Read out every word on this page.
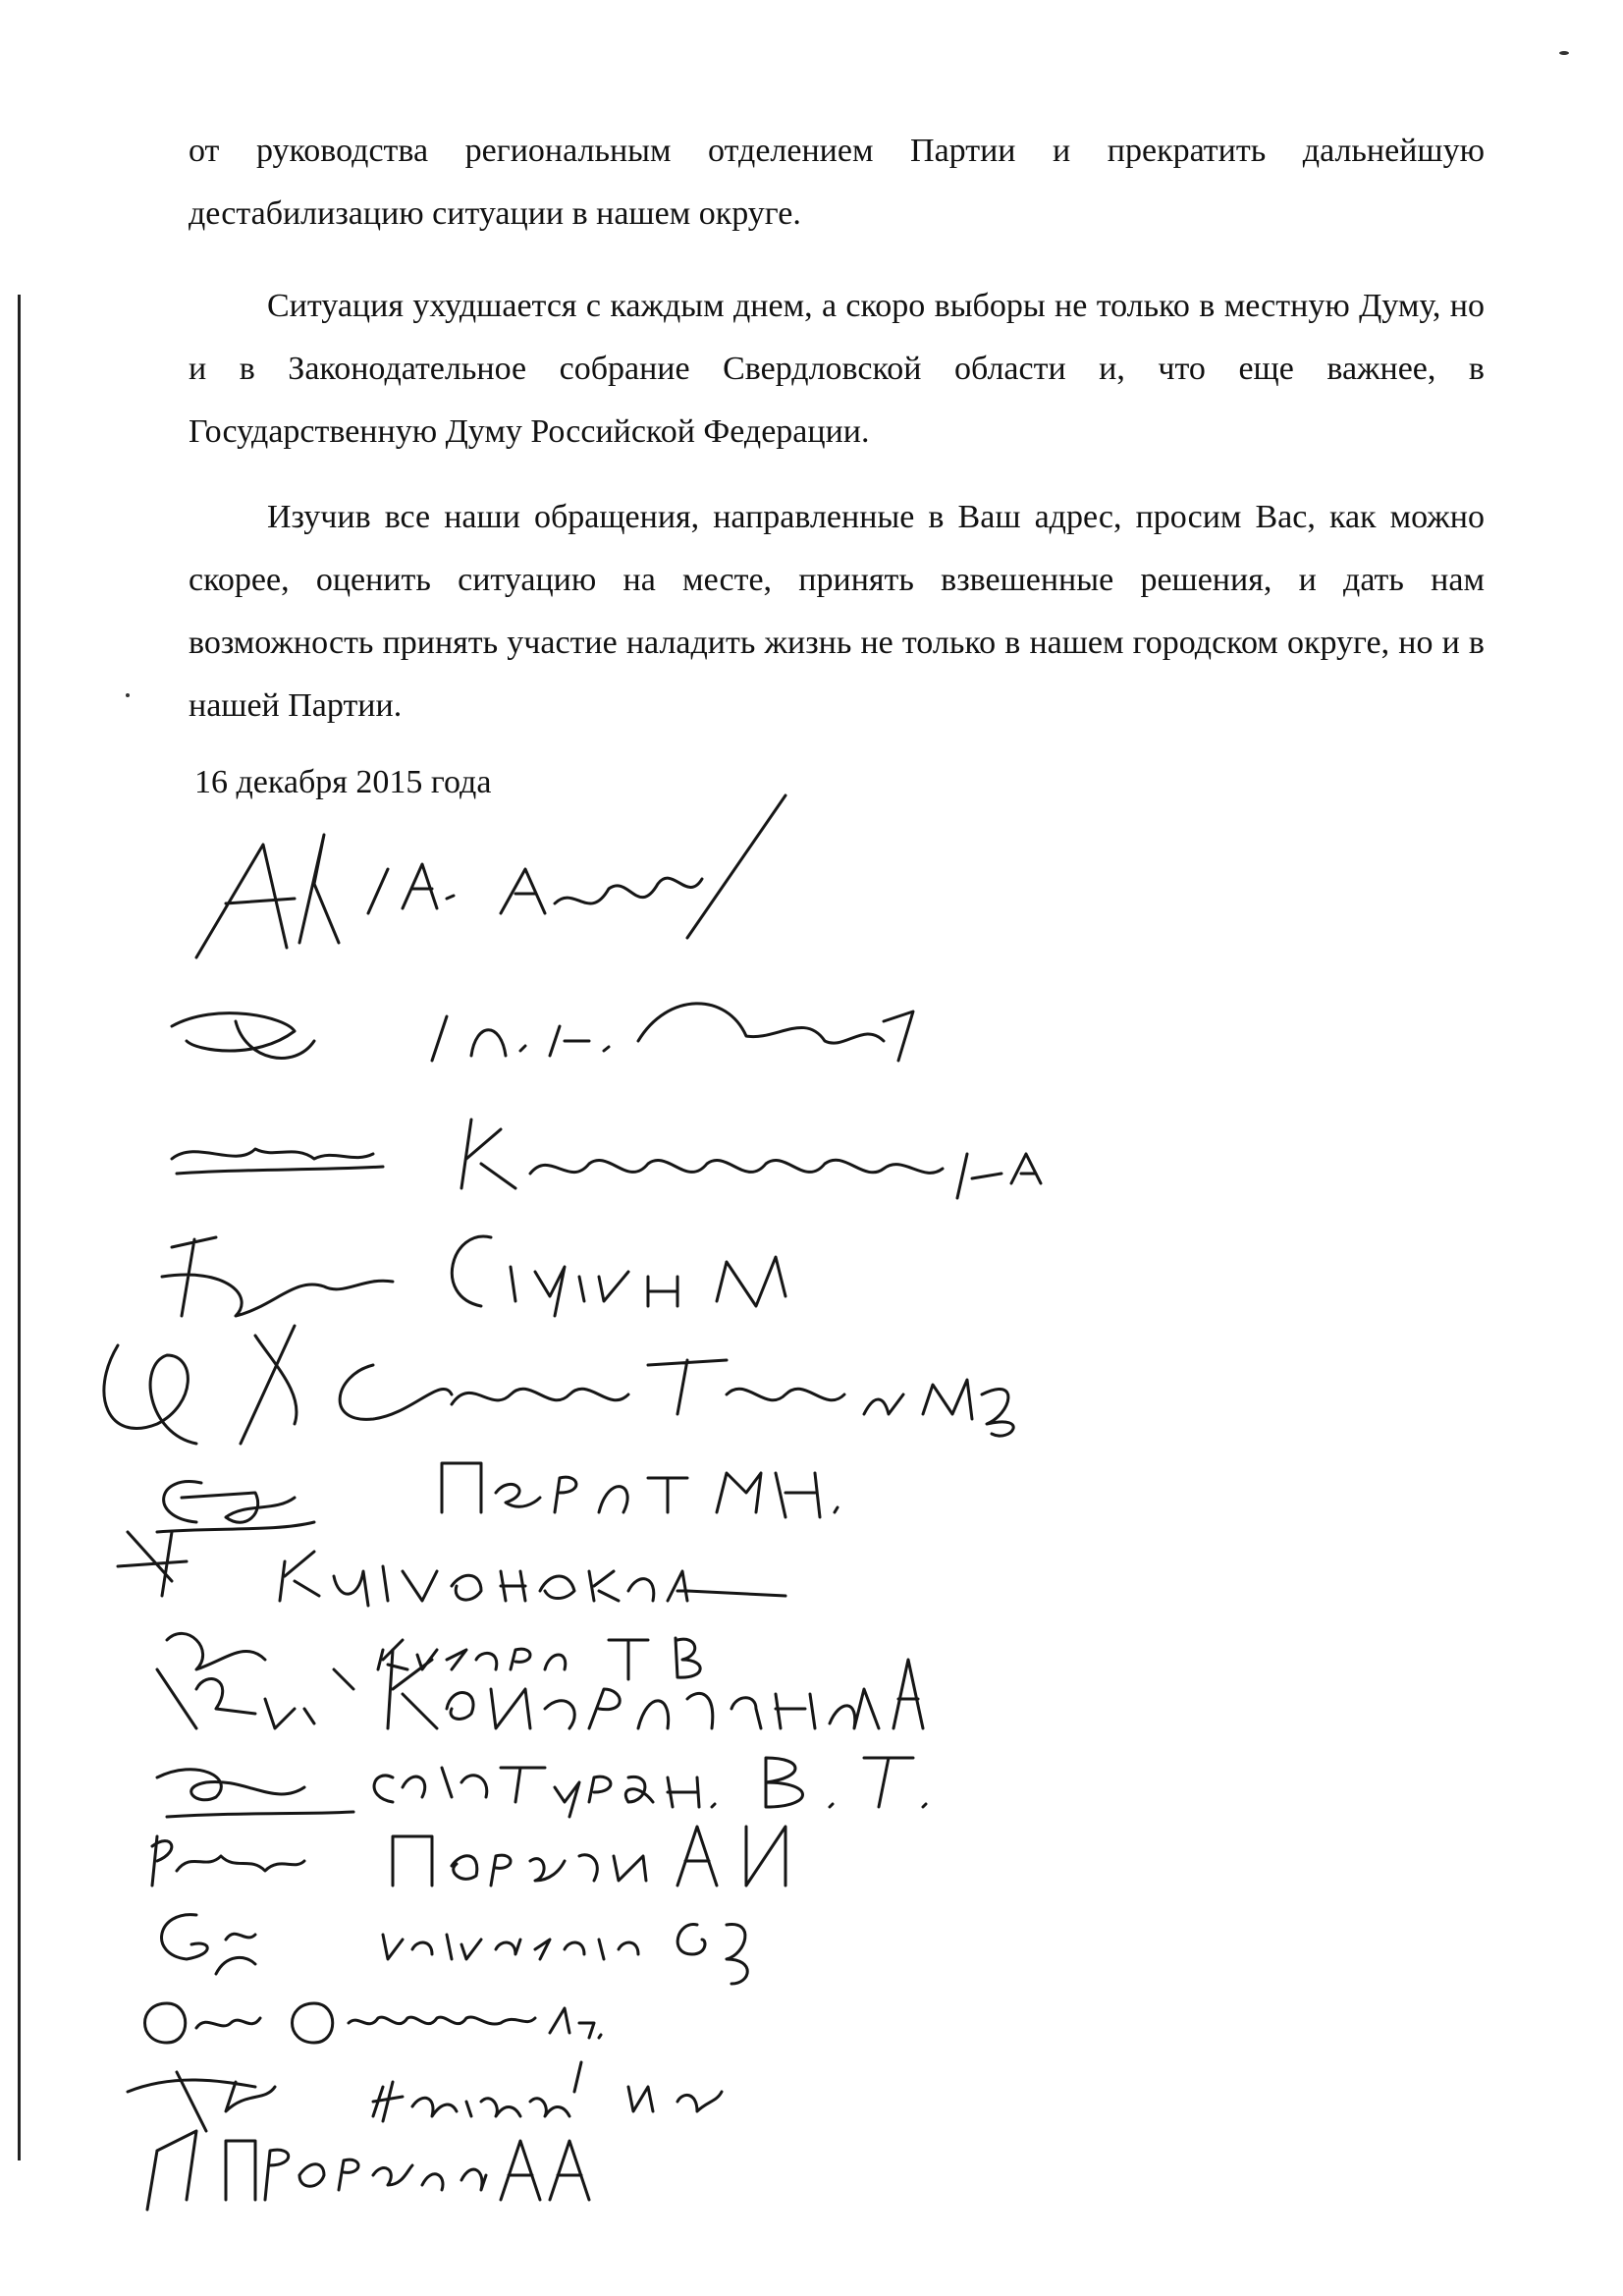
от руководства региональным отделением Партии и прекратить дальнейшую дестабилизацию ситуации в нашем округе.

Ситуация ухудшается с каждым днем, а скоро выборы не только в местную Думу, но и в Законодательное собрание Свердловской области и, что еще важнее, в Государственную Думу Российской Федерации.

Изучив все наши обращения, направленные в Ваш адрес, просим Вас, как можно скорее, оценить ситуацию на месте, принять взвешенные решения, и дать нам возможность принять участие наладить жизнь не только в нашем городском округе, но и в нашей Партии.

16 декабря 2015 года
